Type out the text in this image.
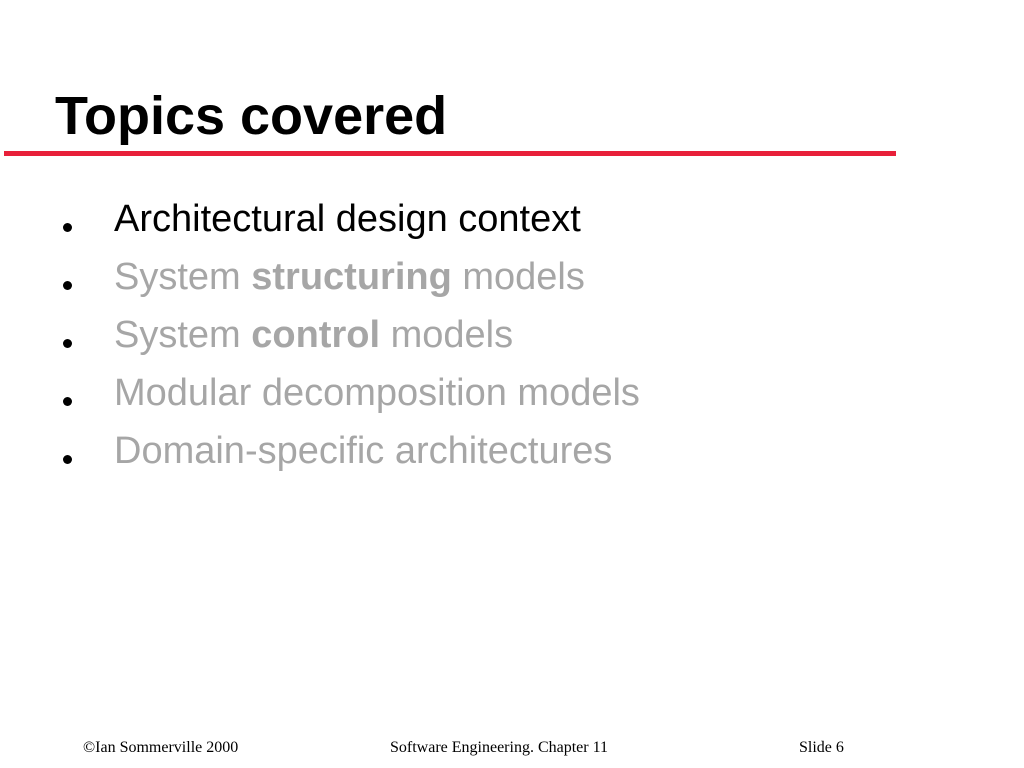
Topics covered
Architectural design context
System structuring models
System control models
Modular decomposition models
Domain-specific architectures
©Ian Sommerville 2000	Software Engineering. Chapter 11	Slide 6
